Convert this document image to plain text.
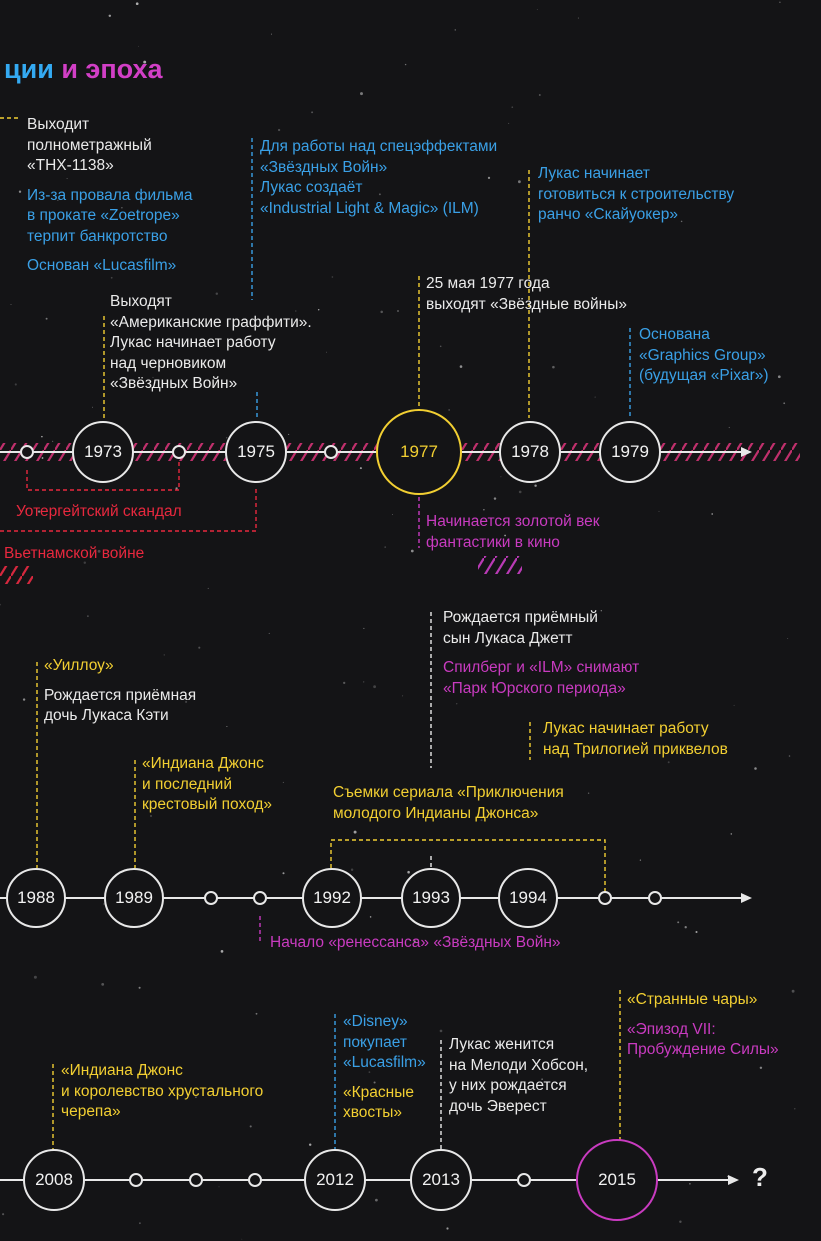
ции и эпоха
1973	1975	1977	1978	1979
1988	1989	1992	1993	1994
2008	2012	2013	2015	?
Выходит
полнометражный
«THX-1138»
Из-за провала фильма
в прокате «Zoetrope»
терпит банкротство
Основан «Lucasfilm»
Выходят
«Американские граффити».
Лукас начинает работу
над черновиком
«Звёздных Войн»
Для работы над спецэффектами
«Звёздных Войн»
Лукас создаёт
«Industrial Light & Magic» (ILM)
25 мая 1977 года
выходят «Звёздные войны»
Лукас начинает
готовиться к строительству
ранчо «Скайуокер»
Основана
«Graphics Group»
(будущая «Pixar»)
Уотергейтский скандал
Вьетнамской войне
Начинается золотой век
фантастики в кино
«Уиллоу»
Рождается приёмная
дочь Лукаса Кэти
«Индиана Джонс
и последний
крестовый поход»
Рождается приёмный
сын Лукаса Джетт
Спилберг и «ILM» снимают
«Парк Юрского периода»
Лукас начинает работу
над Трилогией приквелов
Съемки сериала «Приключения
молодого Индианы Джонса»
Начало «ренессанса» «Звёздных Войн»
«Индиана Джонс
и королевство хрустального
черепа»
«Disney»
покупает
«Lucasfilm»
«Красные
хвосты»
Лукас женится
на Мелоди Хобсон,
у них рождается
дочь Эверест
«Странные чары»
«Эпизод VII:
Пробуждение Силы»
